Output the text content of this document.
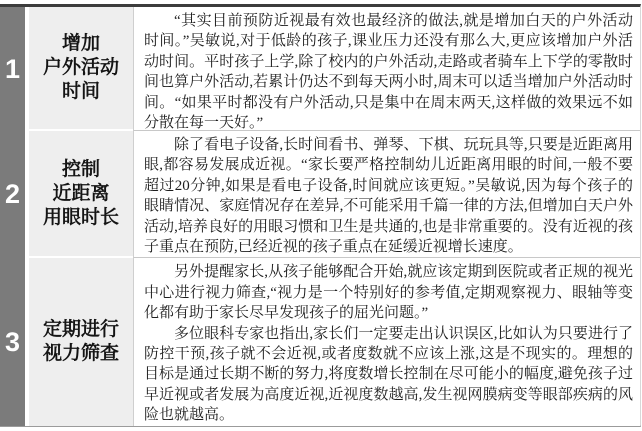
1
增加
户外活动
时间

“其实目前预防近视最有效也最经济的做法,就是增加白天的户外活动时间。”吴敏说,对于低龄的孩子,课业压力还没有那么大,更应该增加户外活动时间。平时孩子上学,除了校内的户外活动,走路或者骑车上下学的零散时间也算户外活动,若累计仍达不到每天两小时,周末可以适当增加户外活动时间。“如果平时都没有户外活动,只是集中在周末两天,这样做的效果远不如分散在每一天好。”

2
控制
近距离
用眼时长

除了看电子设备,长时间看书、弹琴、下棋、玩玩具等,只要是近距离用眼,都容易发展成近视。“家长要严格控制幼儿近距离用眼的时间,一般不要超过20分钟,如果是看电子设备,时间就应该更短。”吴敏说,因为每个孩子的眼睛情况、家庭情况存在差异,不可能采用千篇一律的方法,但增加白天户外活动,培养良好的用眼习惯和卫生是共通的,也是非常重要的。没有近视的孩子重点在预防,已经近视的孩子重点在延缓近视增长速度。

3 定期进行
视力筛查

另外提醒家长,从孩子能够配合开始,就应该定期到医院或者正规的视光中心进行视力筛查,“视力是一个特别好的参考值,定期观察视力、眼轴等变化都有助于家长尽早发现孩子的屈光问题。”

多位眼科专家也指出,家长们一定要走出认识误区,比如认为只要进行了防控干预,孩子就不会近视,或者度数就不应该上涨,这是不现实的。理想的目标是通过长期不断的努力,将度数增长控制在尽可能小的幅度,避免孩子过早近视或者发展为高度近视,近视度数越高,发生视网膜病变等眼部疾病的风险也就越高。
